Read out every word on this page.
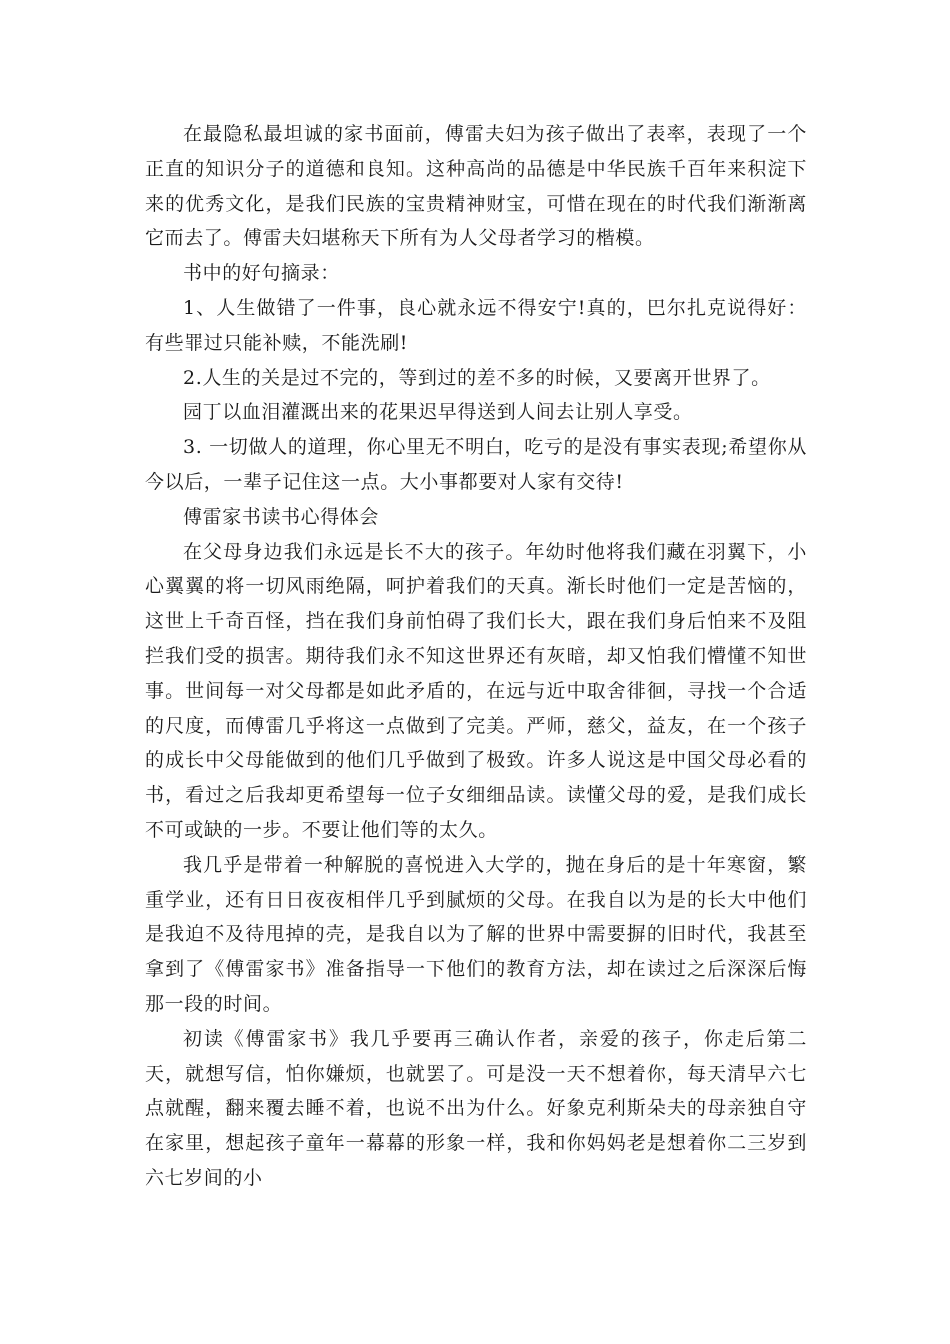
在最隐私最坦诚的家书面前，傅雷夫妇为孩子做出了表率，表现了一个正直的知识分子的道德和良知。这种高尚的品德是中华民族千百年来积淀下来的优秀文化，是我们民族的宝贵精神财宝，可惜在现在的时代我们渐渐离它而去了。傅雷夫妇堪称天下所有为人父母者学习的楷模。

书中的好句摘录：

1、人生做错了一件事，良心就永远不得安宁!真的，巴尔扎克说得好：有些罪过只能补赎，不能洗刷!

2.人生的关是过不完的，等到过的差不多的时候，又要离开世界了。

园丁以血泪灌溉出来的花果迟早得送到人间去让别人享受。

3. 一切做人的道理，你心里无不明白，吃亏的是没有事实表现;希望你从今以后，一辈子记住这一点。大小事都要对人家有交待!

傅雷家书读书心得体会

在父母身边我们永远是长不大的孩子。年幼时他将我们藏在羽翼下，小心翼翼的将一切风雨绝隔，呵护着我们的天真。渐长时他们一定是苦恼的，这世上千奇百怪，挡在我们身前怕碍了我们长大，跟在我们身后怕来不及阻拦我们受的损害。期待我们永不知这世界还有灰暗，却又怕我们懵懂不知世事。世间每一对父母都是如此矛盾的，在远与近中取舍徘徊，寻找一个合适的尺度，而傅雷几乎将这一点做到了完美。严师，慈父，益友，在一个孩子的成长中父母能做到的他们几乎做到了极致。许多人说这是中国父母必看的书，看过之后我却更希望每一位子女细细品读。读懂父母的爱，是我们成长不可或缺的一步。不要让他们等的太久。

我几乎是带着一种解脱的喜悦进入大学的，抛在身后的是十年寒窗，繁重学业，还有日日夜夜相伴几乎到腻烦的父母。在我自以为是的长大中他们是我迫不及待甩掉的壳，是我自以为了解的世界中需要摒的旧时代，我甚至拿到了《傅雷家书》准备指导一下他们的教育方法，却在读过之后深深后悔那一段的时间。

初读《傅雷家书》我几乎要再三确认作者，亲爱的孩子，你走后第二天，就想写信，怕你嫌烦，也就罢了。可是没一天不想着你，每天清早六七点就醒，翻来覆去睡不着，也说不出为什么。好象克利斯朵夫的母亲独自守在家里，想起孩子童年一幕幕的形象一样，我和你妈妈老是想着你二三岁到六七岁间的小
